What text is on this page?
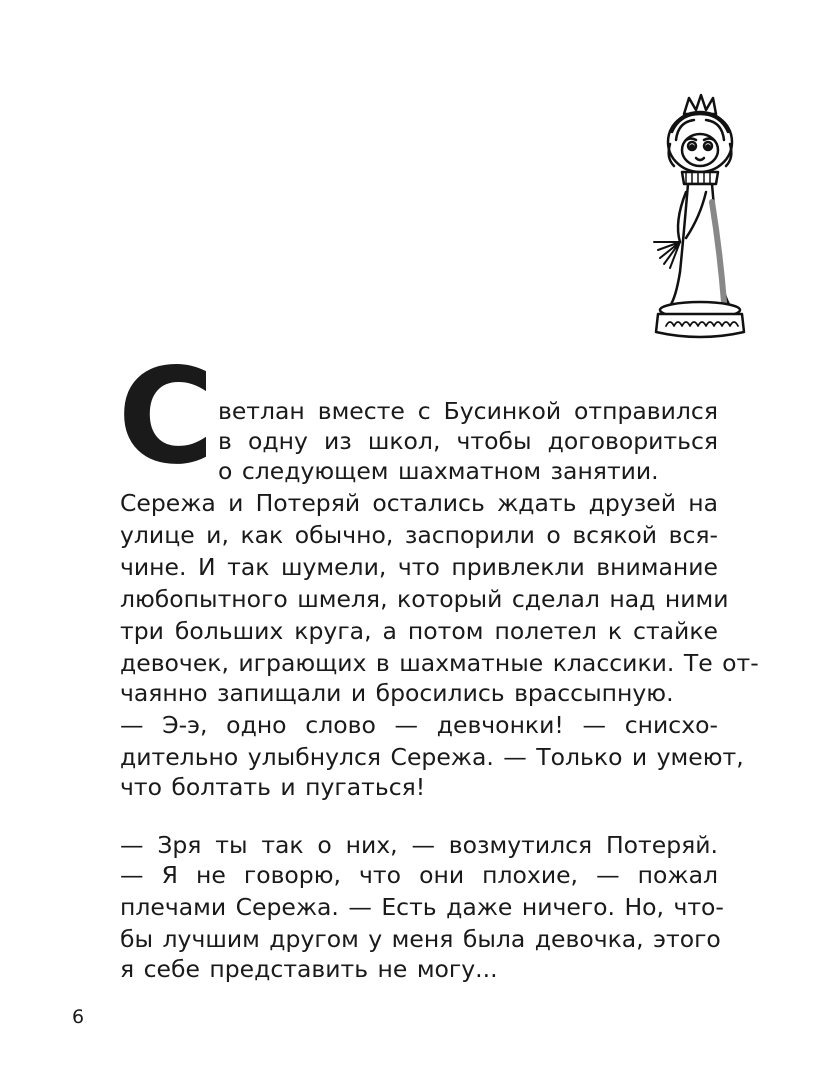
С ветлан вместе с Бусинкой отправился
в одну из школ, чтобы договориться
о следующем шахматном занятии.
Сережа и Потеряй остались ждать друзей на
улице и, как обычно, заспорили о всякой вся-
чине. И так шумели, что привлекли внимание
любопытного шмеля, который сделал над ними
три больших круга, а потом полетел к стайке
девочек, играющих в шахматные классики. Те от-
чаянно запищали и бросились врассыпную.
— Э-э, одно слово — девчонки! — снисхо-
дительно улыбнулся Сережа. — Только и умеют,
что болтать и пугаться!
— Зря ты так о них, — возмутился Потеряй.
— Я не говорю, что они плохие, — пожал
плечами Сережа. — Есть даже ничего. Но, что-
бы лучшим другом у меня была девочка, этого
я себе представить не могу...
6
